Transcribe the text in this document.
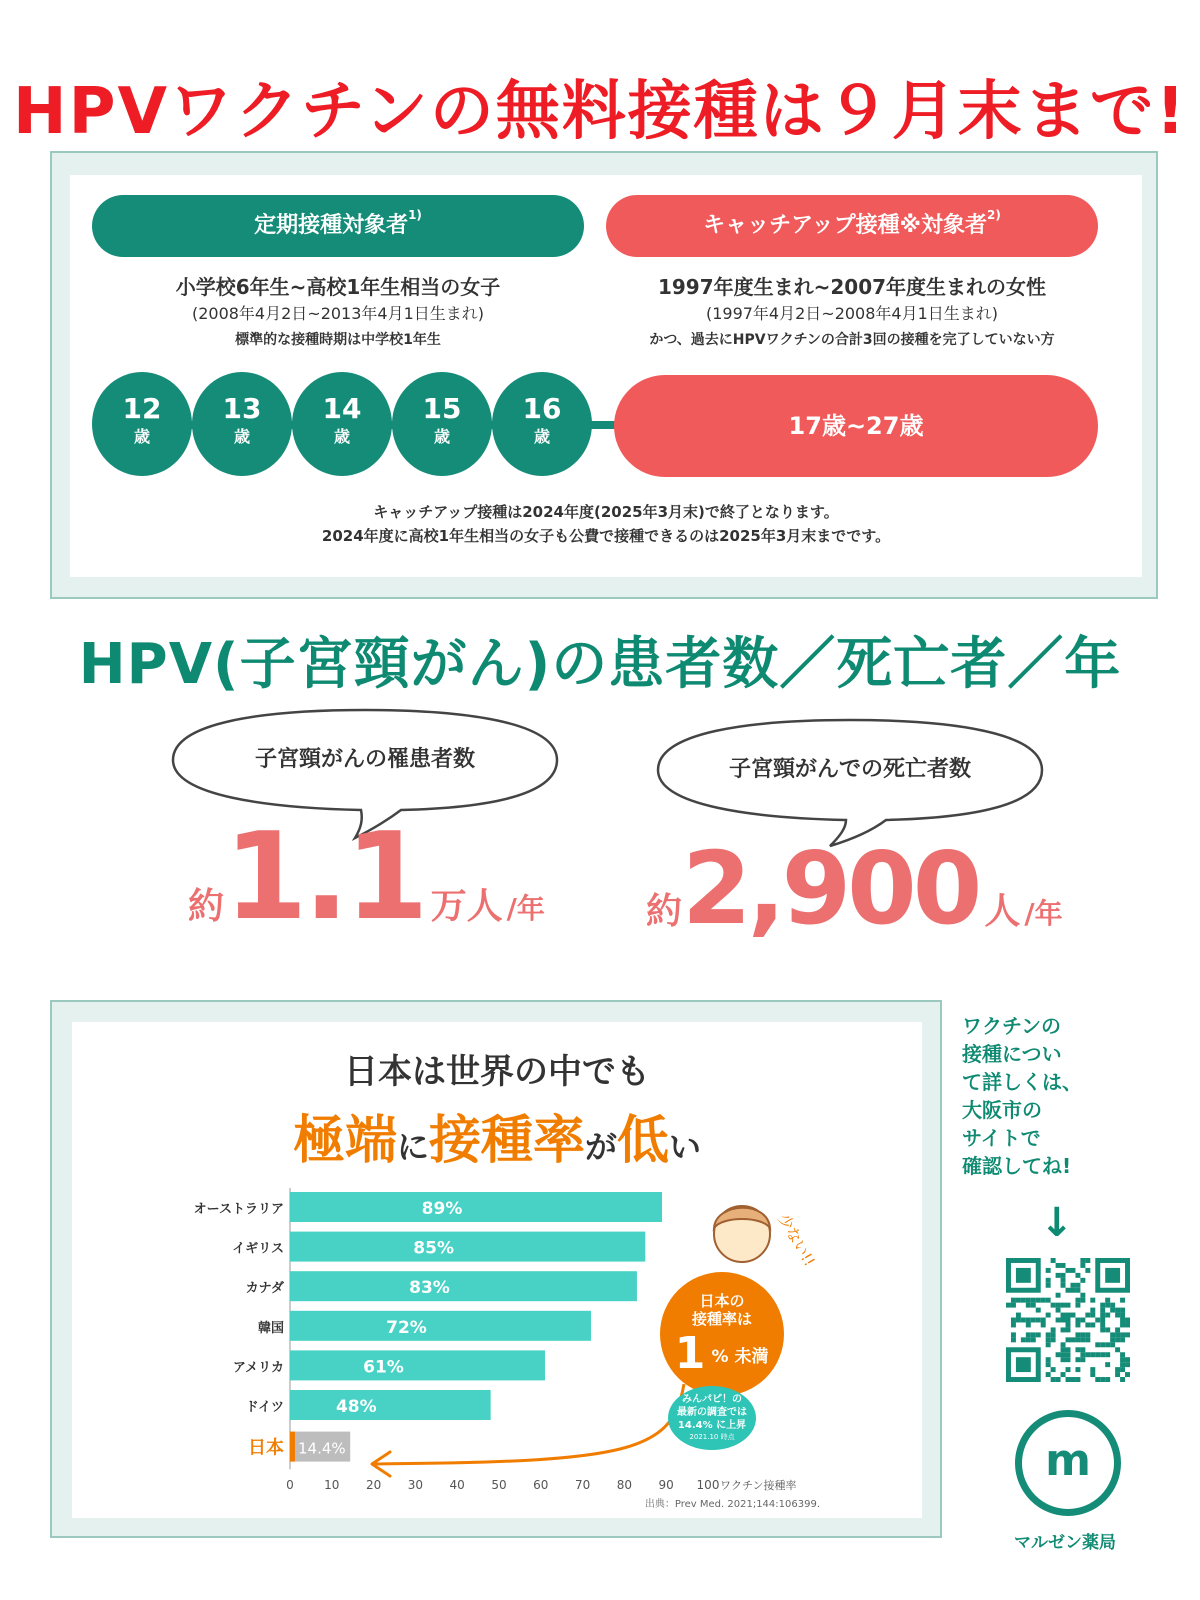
HPVワクチンの無料接種は９月末まで!
定期接種対象者$^{1)}$	キャッチアップ接種※対象者$^{2)}$
小学校6年生~高校1年生相当の女子
(2008年4月2日~2013年4月1日生まれ)
標準的な接種時期は中学校1年生
1997年度生まれ~2007年度生まれの女性
(1997年4月2日~2008年4月1日生まれ)
かつ、過去にHPVワクチンの合計3回の接種を完了していない方
12
歳
13
歳
14
歳
15
歳
16
歳	17歳~27歳
キャッチアップ接種は2024年度(2025年3月末)で終了となります。
2024年度に高校1年生相当の女子も公費で接種できるのは2025年3月末までです。
HPV(子宮頸がん)の患者数／死亡者／年
子宮頸がんの罹患者数
約1.1 万人 /年
子宮頸がんでの死亡者数
約2,900 人 /年
日本は世界の中でも
極端に接種率が低い
89%
オーストラリア
85%
イギリス
83%
カナダ
72%
韓国
61%
アメリカ
48%
ドイツ
14.4%
日本
0	10 20 30 40 50 60 70 80 90 100 ワクチン接種率
出典：Prev Med. 2021;144:106399.
少ない!!
日本の
接種率は
1 % 未満
みんパピ！の
最新の調査では
14.4% に上昇
2021.10 時点
ワクチンの
接種につい
て詳しくは、
大阪市の
サイトで
確認してね!
↓
m
マルゼン薬局
